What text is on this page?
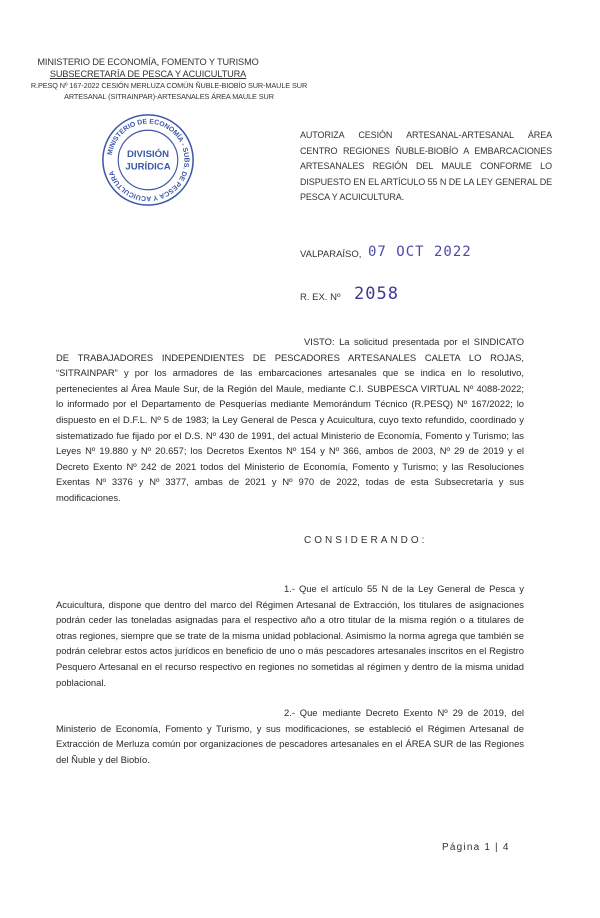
MINISTERIO DE ECONOMÍA, FOMENTO Y TURISMO
SUBSECRETARÍA DE PESCA Y ACUICULTURA
R.PESQ Nº 167-2022 CESIÓN MERLUZA COMÚN ÑUBLE-BIOBÍO SUR-MAULE SUR
ARTESANAL (SITRAINPAR)-ARTESANALES ÁREA MAULE SUR
MINISTERIO DE ECONOMÍA - SUBS. DE PESCA Y ACUICULTURA
DIVISIÓN
JURÍDICA
AUTORIZA CESIÓN ARTESANAL-ARTESANAL ÁREA CENTRO REGIONES ÑUBLE-BIOBÍO A EMBARCACIONES ARTESANALES REGIÓN DEL MAULE CONFORME LO DISPUESTO EN EL ARTÍCULO 55 N DE LA LEY GENERAL DE PESCA Y ACUICULTURA.
VALPARAÍSO, 07 OCT 2022
R. EX. Nº 2058
VISTO: La solicitud presentada por el SINDICATO DE TRABAJADORES INDEPENDIENTES DE PESCADORES ARTESANALES CALETA LO ROJAS, “SITRAINPAR” y por los armadores de las embarcaciones artesanales que se indica en lo resolutivo, pertenecientes al Área Maule Sur, de la Región del Maule, mediante C.I. SUBPESCA VIRTUAL Nº 4088-2022; lo informado por el Departamento de Pesquerías mediante Memorándum Técnico (R.PESQ) Nº 167/2022; lo dispuesto en el D.F.L. Nº 5 de 1983; la Ley General de Pesca y Acuicultura, cuyo texto refundido, coordinado y sistematizado fue fijado por el D.S. Nº 430 de 1991, del actual Ministerio de Economía, Fomento y Turismo; las Leyes Nº 19.880 y Nº 20.657; los Decretos Exentos Nº 154 y Nº 366, ambos de 2003, Nº 29 de 2019 y el Decreto Exento Nº 242 de 2021 todos del Ministerio de Economía, Fomento y Turismo; y las Resoluciones Exentas Nº 3376 y Nº 3377, ambas de 2021 y Nº 970 de 2022, todas de esta Subsecretaría y sus modificaciones.
CONSIDERANDO:
1.- Que el artículo 55 N de la Ley General de Pesca y Acuicultura, dispone que dentro del marco del Régimen Artesanal de Extracción, los titulares de asignaciones podrán ceder las toneladas asignadas para el respectivo año a otro titular de la misma región o a titulares de otras regiones, siempre que se trate de la misma unidad poblacional. Asimismo la norma agrega que también se podrán celebrar estos actos jurídicos en beneficio de uno o más pescadores artesanales inscritos en el Registro Pesquero Artesanal en el recurso respectivo en regiones no sometidas al régimen y dentro de la misma unidad poblacional.
2.- Que mediante Decreto Exento Nº 29 de 2019, del Ministerio de Economía, Fomento y Turismo, y sus modificaciones, se estableció el Régimen Artesanal de Extracción de Merluza común por organizaciones de pescadores artesanales en el ÁREA SUR de las Regiones del Ñuble y del Biobío.
Página 1 | 4
